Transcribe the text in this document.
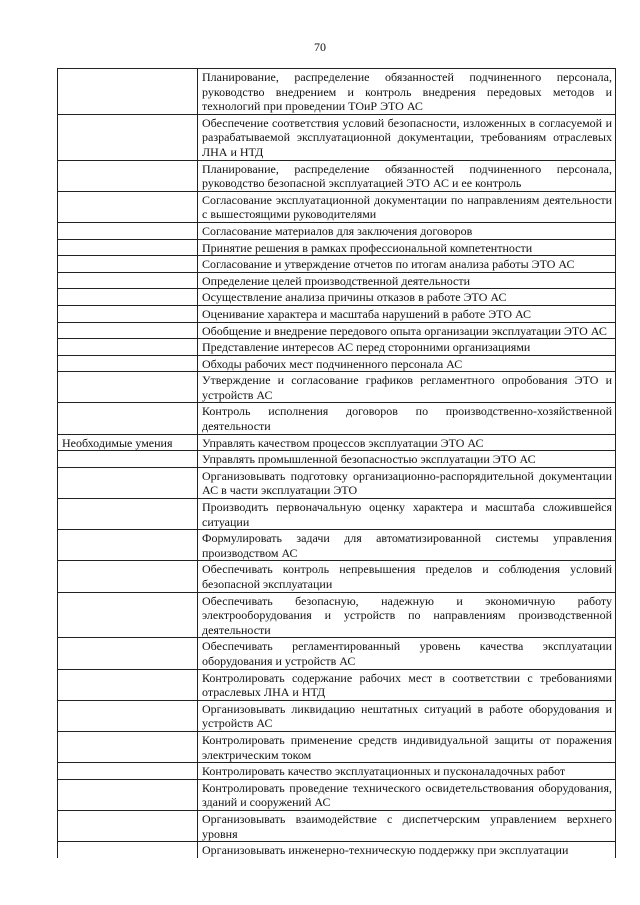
70
	Планирование, распределение обязанностей подчиненного персонала, руководство внедрением и контроль внедрения передовых методов и технологий при проведении ТОиР ЭТО АС
	Обеспечение соответствия условий безопасности, изложенных в согласуемой и разрабатываемой эксплуатационной документации, требованиям отраслевых ЛНА и НТД
	Планирование, распределение обязанностей подчиненного персонала, руководство безопасной эксплуатацией ЭТО АС и ее контроль
	Согласование эксплуатационной документации по направлениям деятельности с вышестоящими руководителями
	Согласование материалов для заключения договоров
	Принятие решения в рамках профессиональной компетентности
	Согласование и утверждение отчетов по итогам анализа работы ЭТО АС
	Определение целей производственной деятельности
	Осуществление анализа причины отказов в работе ЭТО АС
	Оценивание характера и масштаба нарушений в работе ЭТО АС
	Обобщение и внедрение передового опыта организации эксплуатации ЭТО АС
	Представление интересов АС перед сторонними организациями
	Обходы рабочих мест подчиненного персонала АС
	Утверждение и согласование графиков регламентного опробования ЭТО и устройств АС
	Контроль исполнения договоров по производственно-хозяйственной деятельности
Необходимые умения	Управлять качеством процессов эксплуатации ЭТО АС
	Управлять промышленной безопасностью эксплуатации ЭТО АС
	Организовывать подготовку организационно-распорядительной документации АС в части эксплуатации ЭТО
	Производить первоначальную оценку характера и масштаба сложившейся ситуации
	Формулировать задачи для автоматизированной системы управления производством АС
	Обеспечивать контроль непревышения пределов и соблюдения условий безопасной эксплуатации
	Обеспечивать безопасную, надежную и экономичную работу электрооборудования и устройств по направлениям производственной деятельности
	Обеспечивать регламентированный уровень качества эксплуатации оборудования и устройств АС
	Контролировать содержание рабочих мест в соответствии с требованиями отраслевых ЛНА и НТД
	Организовывать ликвидацию нештатных ситуаций в работе оборудования и устройств АС
	Контролировать применение средств индивидуальной защиты от поражения электрическим током
	Контролировать качество эксплуатационных и пусконаладочных работ
	Контролировать проведение технического освидетельствования оборудования, зданий и сооружений АС
	Организовывать взаимодействие с диспетчерским управлением верхнего уровня
	Организовывать инженерно-техническую поддержку при эксплуатации
